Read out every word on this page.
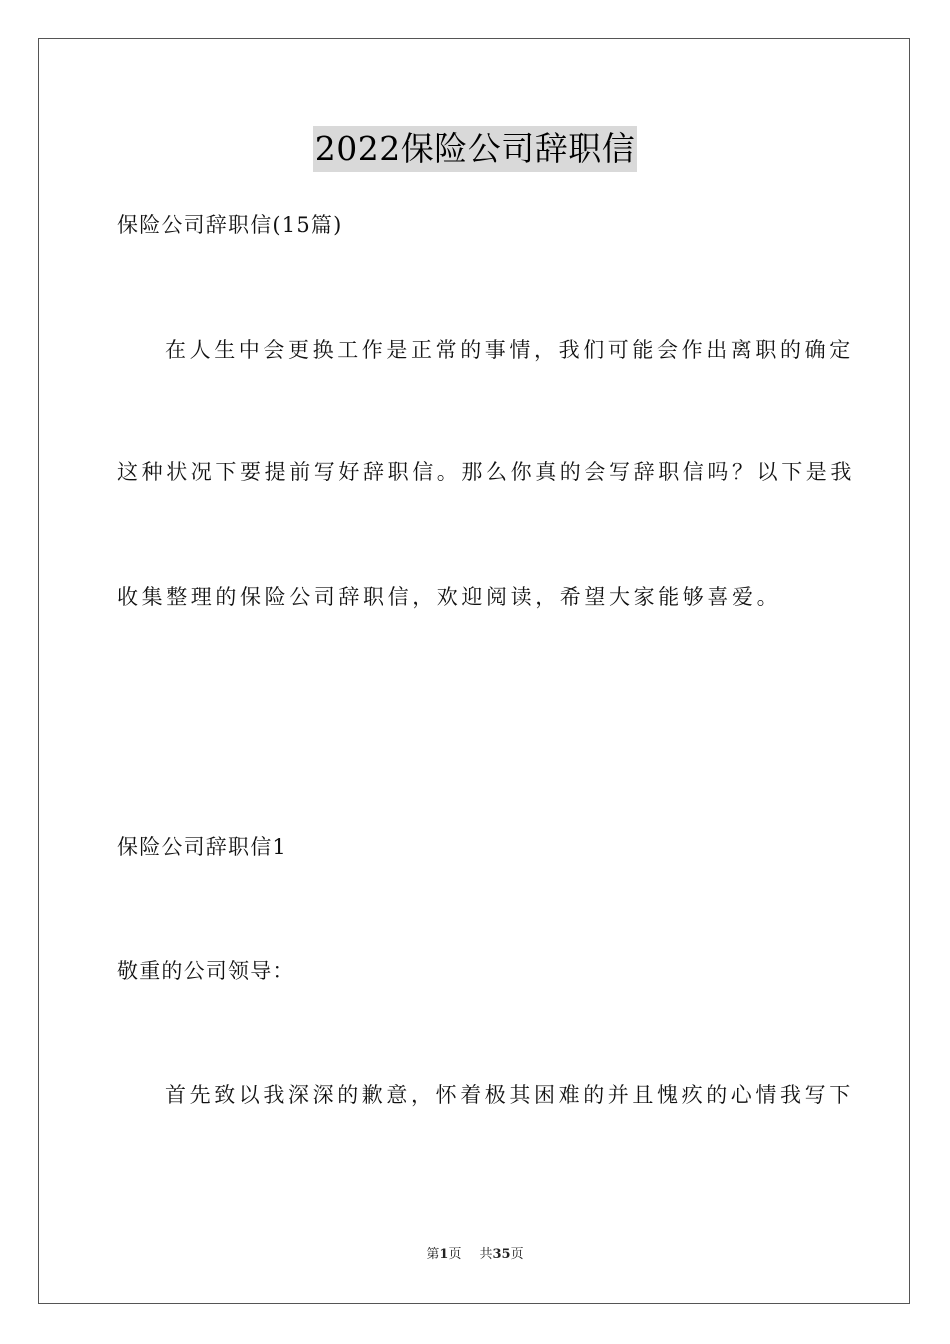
2022保险公司辞职信
保险公司辞职信(15篇)
在人生中会更换工作是正常的事情，我们可能会作出离职的确定
这种状况下要提前写好辞职信。那么你真的会写辞职信吗？以下是我
收集整理的保险公司辞职信，欢迎阅读，希望大家能够喜爱。
保险公司辞职信1
敬重的公司领导：
首先致以我深深的歉意，怀着极其困难的并且愧疚的心情我写下
第1页 共35页
